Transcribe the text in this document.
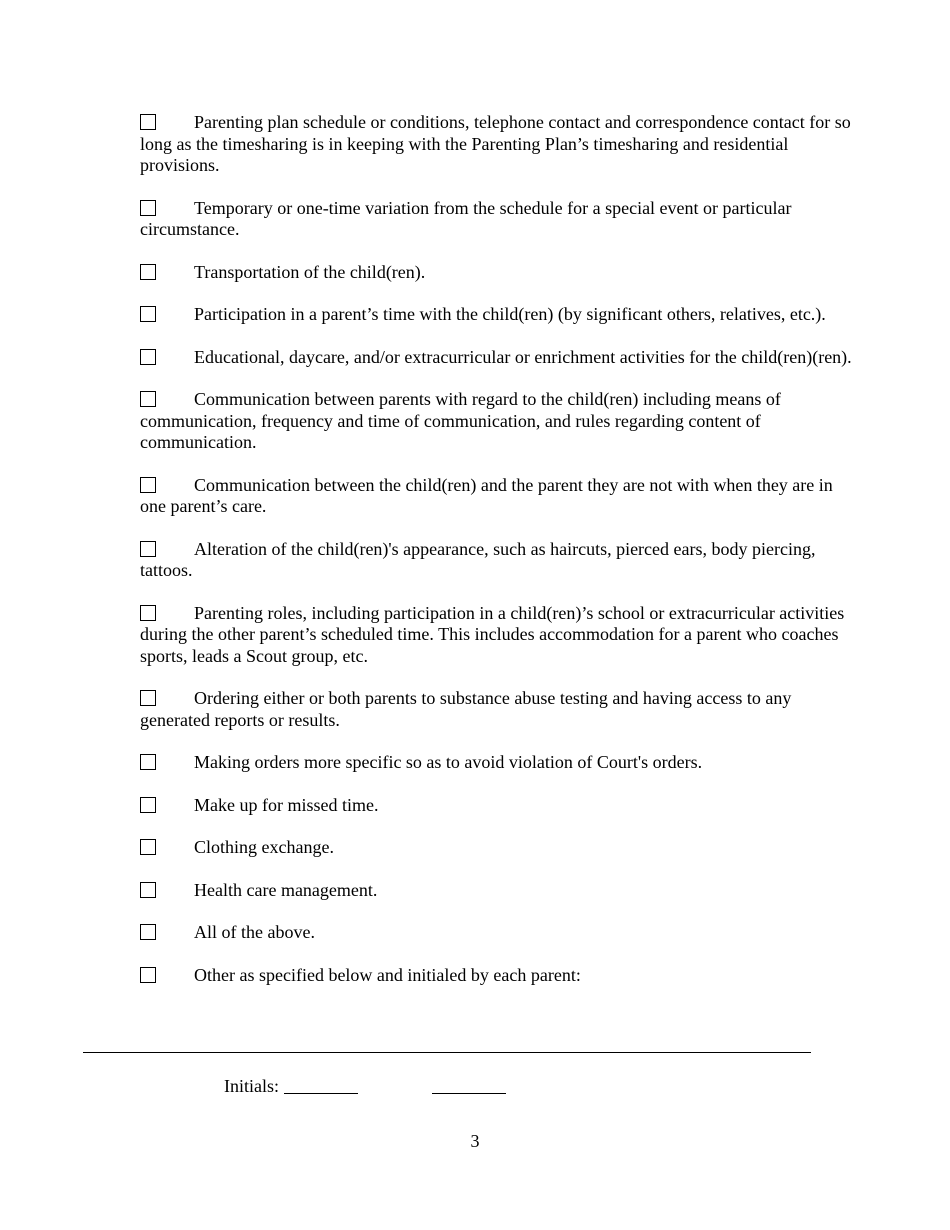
Parenting plan schedule or conditions, telephone contact and correspondence contact for so long as the timesharing is in keeping with the Parenting Plan’s timesharing and residential provisions.
Temporary or one-time variation from the schedule for a special event or particular circumstance.
Transportation of the child(ren).
Participation in a parent’s time with the child(ren) (by significant others, relatives, etc.).
Educational, daycare, and/or extracurricular or enrichment activities for the child(ren)(ren).
Communication between parents with regard to the child(ren) including means of communication, frequency and time of communication, and rules regarding content of communication.
Communication between the child(ren) and the parent they are not with when they are in one parent’s care.
Alteration of the child(ren)'s appearance, such as haircuts, pierced ears, body piercing, tattoos.
Parenting roles, including participation in a child(ren)’s school or extracurricular activities during the other parent’s scheduled time. This includes accommodation for a parent who coaches sports, leads a Scout group, etc.
Ordering either or both parents to substance abuse testing and having access to any generated reports or results.
Making orders more specific so as to avoid violation of Court's orders.
Make up for missed time.
Clothing exchange.
Health care management.
All of the above.
Other as specified below and initialed by each parent:
Initials:
3
